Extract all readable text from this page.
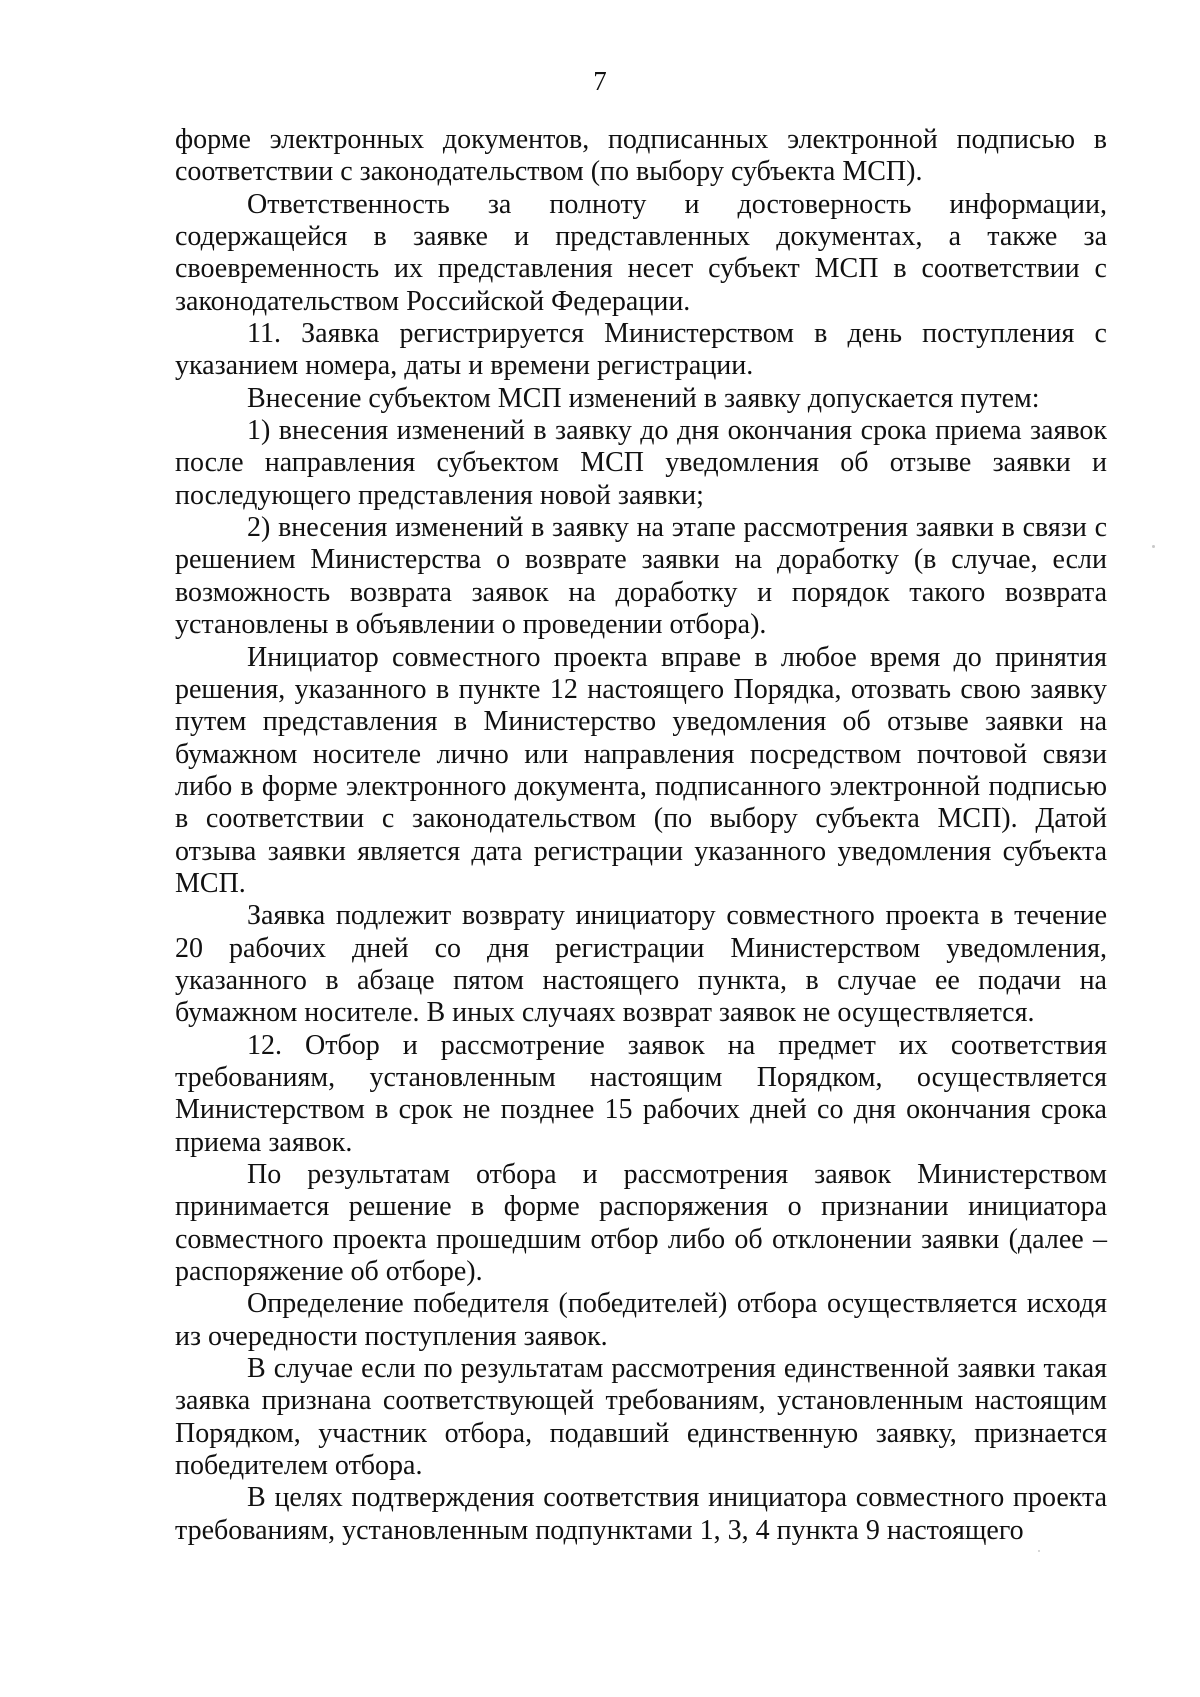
7

форме электронных документов, подписанных электронной подписью в соответствии с законодательством (по выбору субъекта МСП).

Ответственность за полноту и достоверность информации, содержащейся в заявке и представленных документах, а также за своевременность их представления несет субъект МСП в соответствии с законодательством Российской Федерации.

11. Заявка регистрируется Министерством в день поступления с указанием номера, даты и времени регистрации.

Внесение субъектом МСП изменений в заявку допускается путем:

1) внесения изменений в заявку до дня окончания срока приема заявок после направления субъектом МСП уведомления об отзыве заявки и последующего представления новой заявки;

2) внесения изменений в заявку на этапе рассмотрения заявки в связи с решением Министерства о возврате заявки на доработку (в случае, если возможность возврата заявок на доработку и порядок такого возврата установлены в объявлении о проведении отбора).

Инициатор совместного проекта вправе в любое время до принятия решения, указанного в пункте 12 настоящего Порядка, отозвать свою заявку путем представления в Министерство уведомления об отзыве заявки на бумажном носителе лично или направления посредством почтовой связи либо в форме электронного документа, подписанного электронной подписью в соответствии с законодательством (по выбору субъекта МСП). Датой отзыва заявки является дата регистрации указанного уведомления субъекта МСП.

Заявка подлежит возврату инициатору совместного проекта в течение 20 рабочих дней со дня регистрации Министерством уведомления, указанного в абзаце пятом настоящего пункта, в случае ее подачи на бумажном носителе. В иных случаях возврат заявок не осуществляется.

12. Отбор и рассмотрение заявок на предмет их соответствия требованиям, установленным настоящим Порядком, осуществляется Министерством в срок не позднее 15 рабочих дней со дня окончания срока приема заявок.

По результатам отбора и рассмотрения заявок Министерством принимается решение в форме распоряжения о признании инициатора совместного проекта прошедшим отбор либо об отклонении заявки (далее – распоряжение об отборе).

Определение победителя (победителей) отбора осуществляется исходя из очередности поступления заявок.

В случае если по результатам рассмотрения единственной заявки такая заявка признана соответствующей требованиям, установленным настоящим Порядком, участник отбора, подавший единственную заявку, признается победителем отбора.

В целях подтверждения соответствия инициатора совместного проекта требованиям, установленным подпунктами 1, 3, 4 пункта 9 настоящего
